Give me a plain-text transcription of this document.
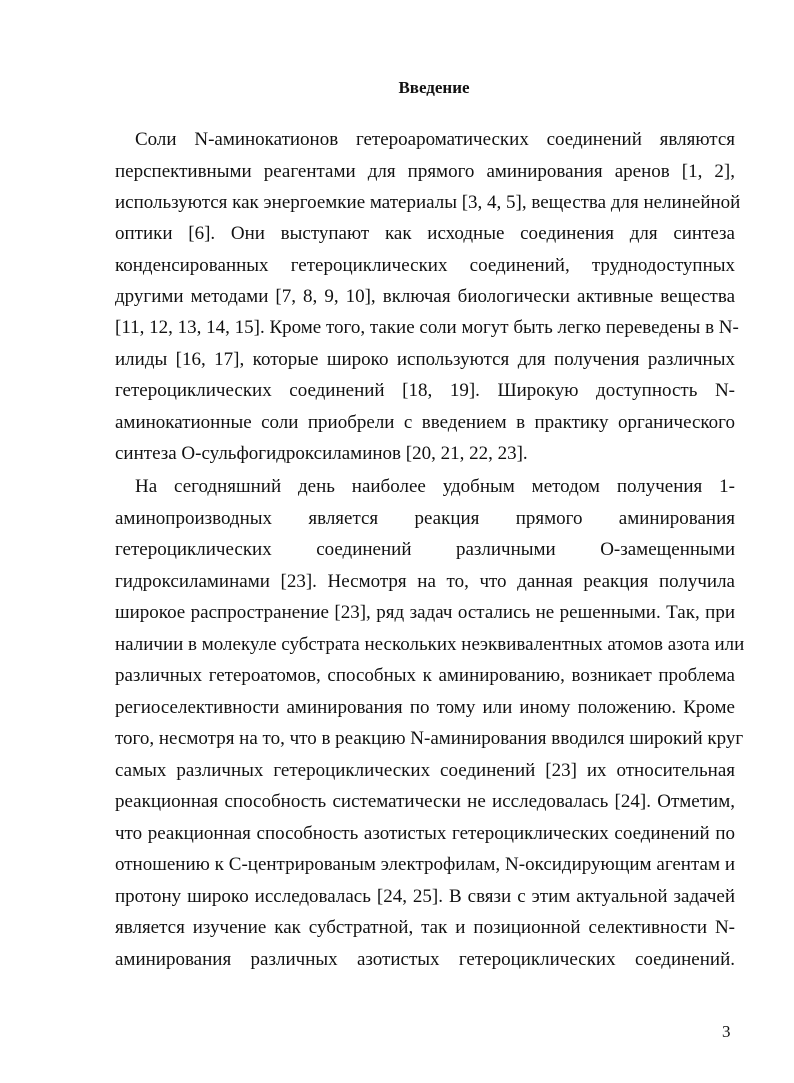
Введение

Соли N-аминокатионов гетероароматических соединений являются

перспективными реагентами для прямого аминирования аренов [1, 2],

используются как энергоемкие материалы [3, 4, 5], вещества для нелинейной

оптики [6]. Они выступают как исходные соединения для синтеза

конденсированных гетероциклических соединений, труднодоступных

другими методами [7, 8, 9, 10], включая биологически активные вещества

[11, 12, 13, 14, 15]. Кроме того, такие соли могут быть легко переведены в N-

илиды [16, 17], которые широко используются для получения различных

гетероциклических соединений [18, 19]. Широкую доступность N-

аминокатионные соли приобрели с введением в практику органического

синтеза О-сульфогидроксиламинов [20, 21, 22, 23].

На сегодняшний день наиболее удобным методом получения 1-

аминопроизводных является реакция прямого аминирования

гетероциклических соединений различными О-замещенными

гидроксиламинами [23]. Несмотря на то, что данная реакция получила

широкое распространение [23], ряд задач остались не решенными. Так, при

наличии в молекуле субстрата нескольких неэквивалентных атомов азота или

различных гетероатомов, способных к аминированию, возникает проблема

региоселективности аминирования по тому или иному положению. Кроме

того, несмотря на то, что в реакцию N-аминирования вводился широкий круг

самых различных гетероциклических соединений [23] их относительная

реакционная способность систематически не исследовалась [24]. Отметим,

что реакционная способность азотистых гетероциклических соединений по

отношению к С-центрированым электрофилам, N-оксидирующим агентам и

протону широко исследовалась [24, 25]. В связи с этим актуальной задачей

является изучение как субстратной, так и позиционной селективности N-

аминирования различных азотистых гетероциклических соединений.

3
